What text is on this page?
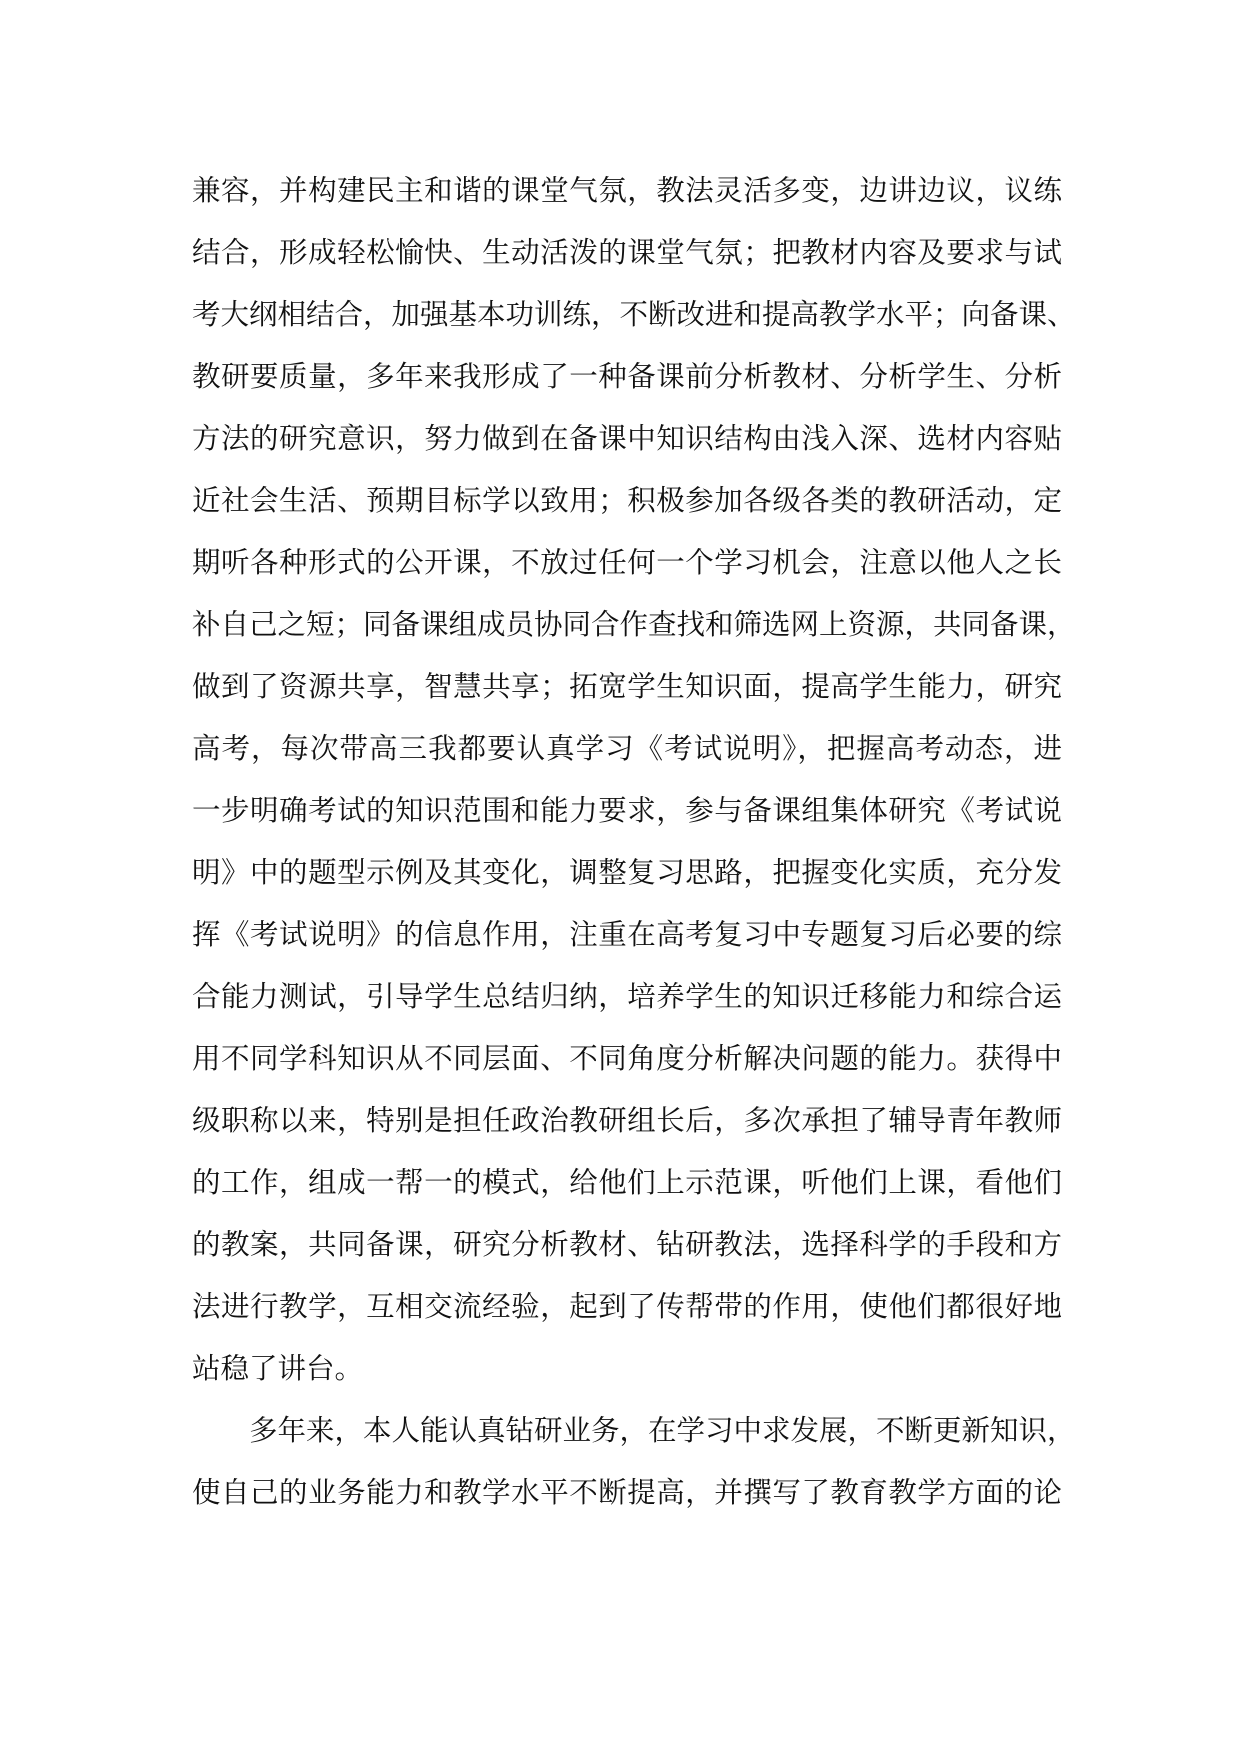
兼容，并构建民主和谐的课堂气氛，教法灵活多变，边讲边议，议练
结合，形成轻松愉快、生动活泼的课堂气氛；把教材内容及要求与试
考大纲相结合，加强基本功训练，不断改进和提高教学水平；向备课、
教研要质量，多年来我形成了一种备课前分析教材、分析学生、分析
方法的研究意识，努力做到在备课中知识结构由浅入深、选材内容贴
近社会生活、预期目标学以致用；积极参加各级各类的教研活动，定
期听各种形式的公开课，不放过任何一个学习机会，注意以他人之长
补自己之短；同备课组成员协同合作查找和筛选网上资源，共同备课，
做到了资源共享，智慧共享；拓宽学生知识面，提高学生能力，研究
高考，每次带高三我都要认真学习《考试说明》，把握高考动态，进
一步明确考试的知识范围和能力要求，参与备课组集体研究《考试说
明》中的题型示例及其变化，调整复习思路，把握变化实质，充分发
挥《考试说明》的信息作用，注重在高考复习中专题复习后必要的综
合能力测试，引导学生总结归纳，培养学生的知识迁移能力和综合运
用不同学科知识从不同层面、不同角度分析解决问题的能力。获得中
级职称以来，特别是担任政治教研组长后，多次承担了辅导青年教师
的工作，组成一帮一的模式，给他们上示范课，听他们上课，看他们
的教案，共同备课，研究分析教材、钻研教法，选择科学的手段和方
法进行教学，互相交流经验，起到了传帮带的作用，使他们都很好地
站稳了讲台。
多年来，本人能认真钻研业务，在学习中求发展，不断更新知识，
使自己的业务能力和教学水平不断提高，并撰写了教育教学方面的论
